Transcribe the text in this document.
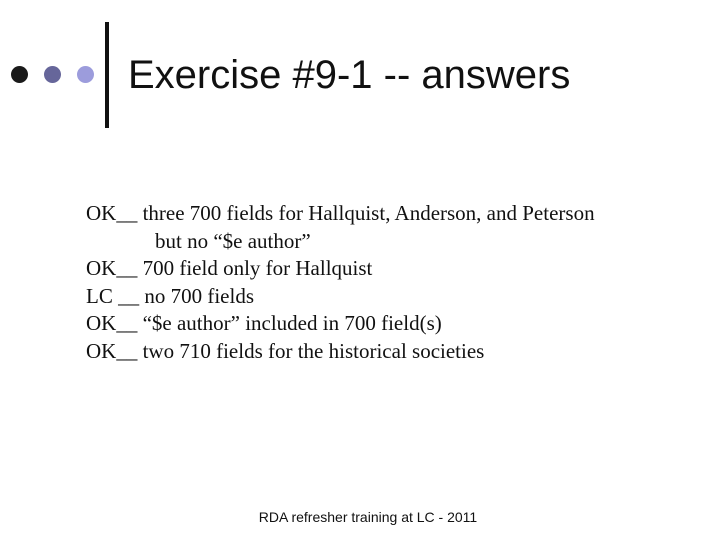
Exercise #9-1 -- answers
OK__ three 700 fields for Hallquist, Anderson, and Peterson
but no “$e author”
OK__ 700 field only for Hallquist
LC __ no 700 fields
OK__ “$e author” included in 700 field(s)
OK__ two 710 fields for the historical societies
RDA refresher training at LC - 2011
